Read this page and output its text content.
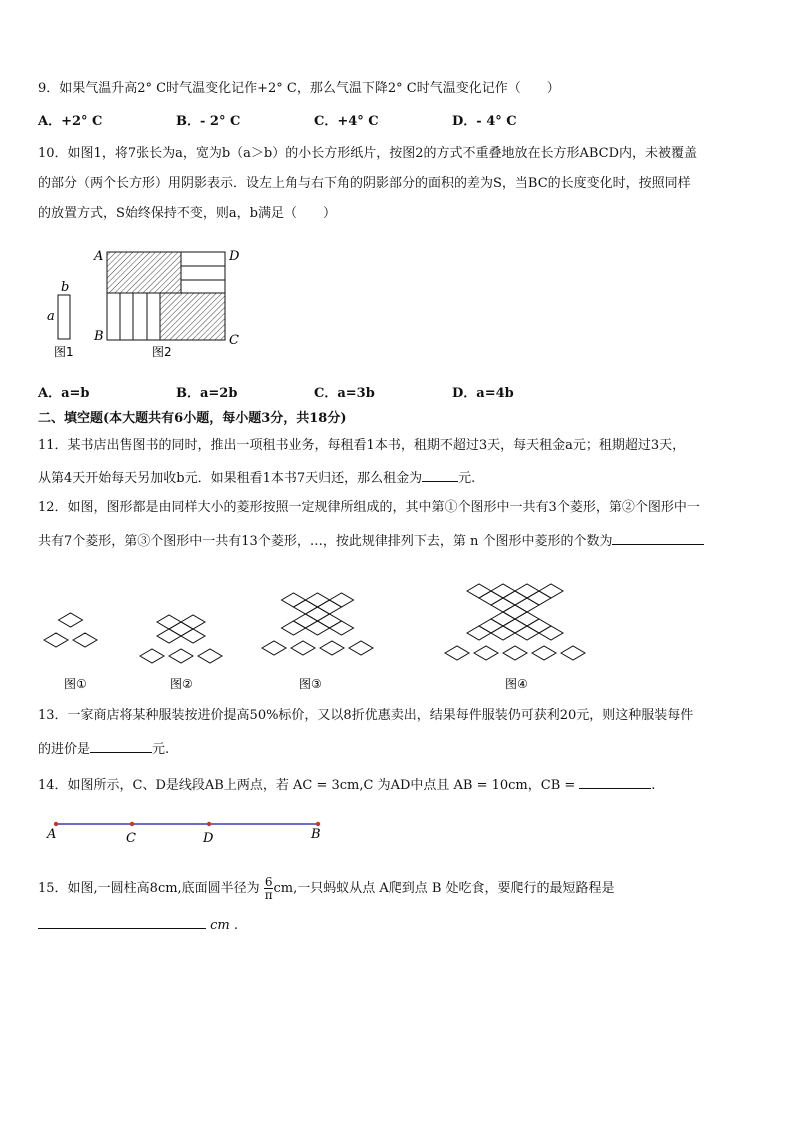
9．如果气温升高2° C时气温变化记作+2° C，那么气温下降2° C时气温变化记作（　　）
A．+2° C	B．- 2° C	C．+4° C	D．- 4° C
10．如图1，将7张长为a，宽为b（a＞b）的小长方形纸片，按图2的方式不重叠地放在长方形ABCD内，未被覆盖
的部分（两个长方形）用阴影表示．设左上角与右下角的阴影部分的面积的差为S，当BC的长度变化时，按照同样
的放置方式，S始终保持不变，则a，b满足（　　）
b
a
图1
A	D
B	C
图2
A．a=b	B．a=2b	C．a=3b	D．a=4b
二、填空题(本大题共有6小题，每小题3分，共18分)
11．某书店出售图书的同时，推出一项租书业务，每租看1本书，租期不超过3天，每天租金a元；租期超过3天，
从第4天开始每天另加收b元．如果租看1本书7天归还，那么租金为	元.
12．如图，图形都是由同样大小的菱形按照一定规律所组成的，其中第①个图形中一共有3个菱形，第②个图形中一
共有7个菱形，第③个图形中一共有13个菱形，…，按此规律排列下去，第 n 个图形中菱形的个数为
图①	图②	图③	图④
13．一家商店将某种服装按进价提高50%标价，又以8折优惠卖出，结果每件服装仍可获利20元，则这种服装每件
的进价是	元.
14．如图所示，C、D是线段AB上两点，若 AC = 3cm,C 为AD中点且 AB = 10cm，CB =	.
A	C	D	B
15．如图,一圆柱高8cm,底面圆半径为 $\frac{6}{\pi}$ cm,一只蚂蚁从点 A爬到点 B 处吃食，要爬行的最短路程是
cm .
